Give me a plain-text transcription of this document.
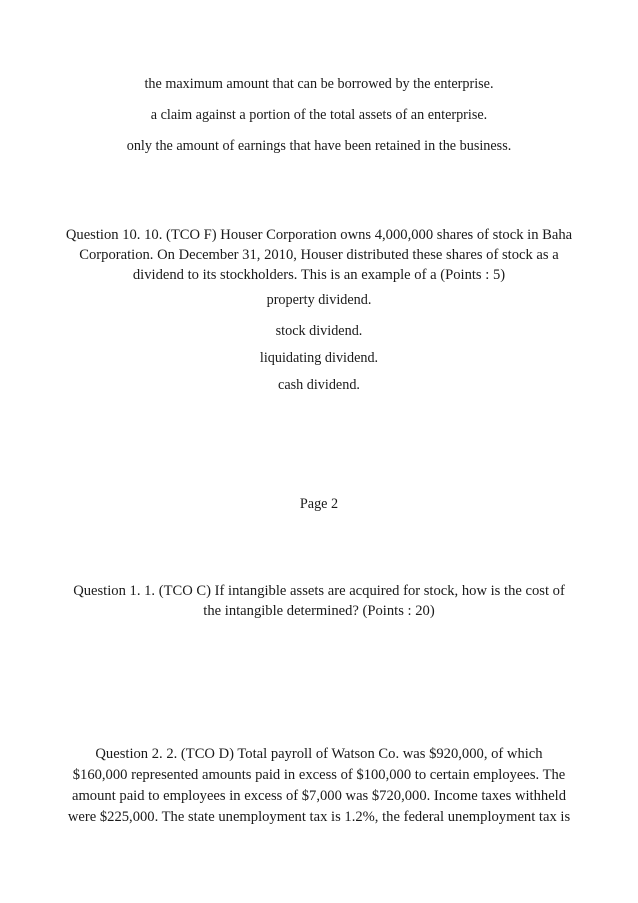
the maximum amount that can be borrowed by the enterprise.
a claim against a portion of the total assets of an enterprise.
only the amount of earnings that have been retained in the business.
Question 10. 10. (TCO F) Houser Corporation owns 4,000,000 shares of stock in Baha
Corporation. On December 31, 2010, Houser distributed these shares of stock as a
dividend to its stockholders. This is an example of a (Points : 5)
property dividend.
stock dividend.
liquidating dividend.
cash dividend.
Page 2
Question 1. 1. (TCO C) If intangible assets are acquired for stock, how is the cost of
the intangible determined? (Points : 20)
Question 2. 2. (TCO D) Total payroll of Watson Co. was $920,000, of which
$160,000 represented amounts paid in excess of $100,000 to certain employees. The
amount paid to employees in excess of $7,000 was $720,000. Income taxes withheld
were $225,000. The state unemployment tax is 1.2%, the federal unemployment tax is
